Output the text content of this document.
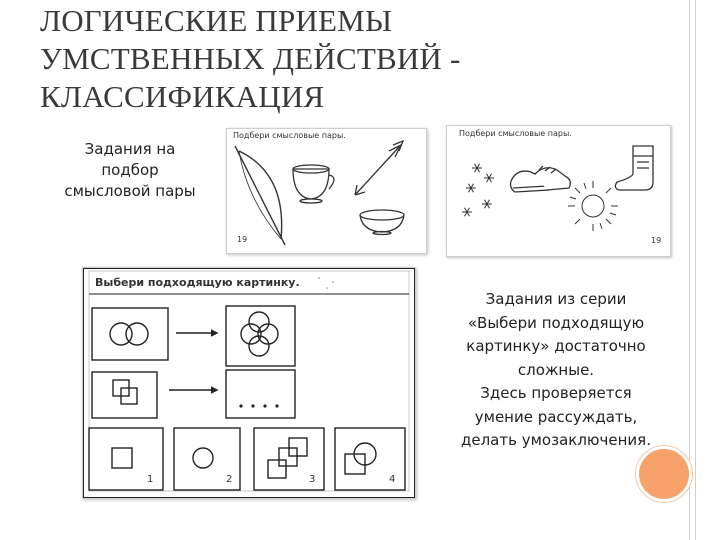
ЛОГИЧЕСКИЕ ПРИЕМЫ
УМСТВЕННЫХ ДЕЙСТВИЙ -
КЛАССИФИКАЦИЯ
Задания на
подбор
смысловой пары
Подбери смысловые пары.
19
Подбери смысловые пары.
19
Выбери подходящую картинку.
1	2	3	4
Задания из серии
«Выбери подходящую
картинку» достаточно
сложные.
Здесь проверяется
умение рассуждать,
делать умозаключения.
